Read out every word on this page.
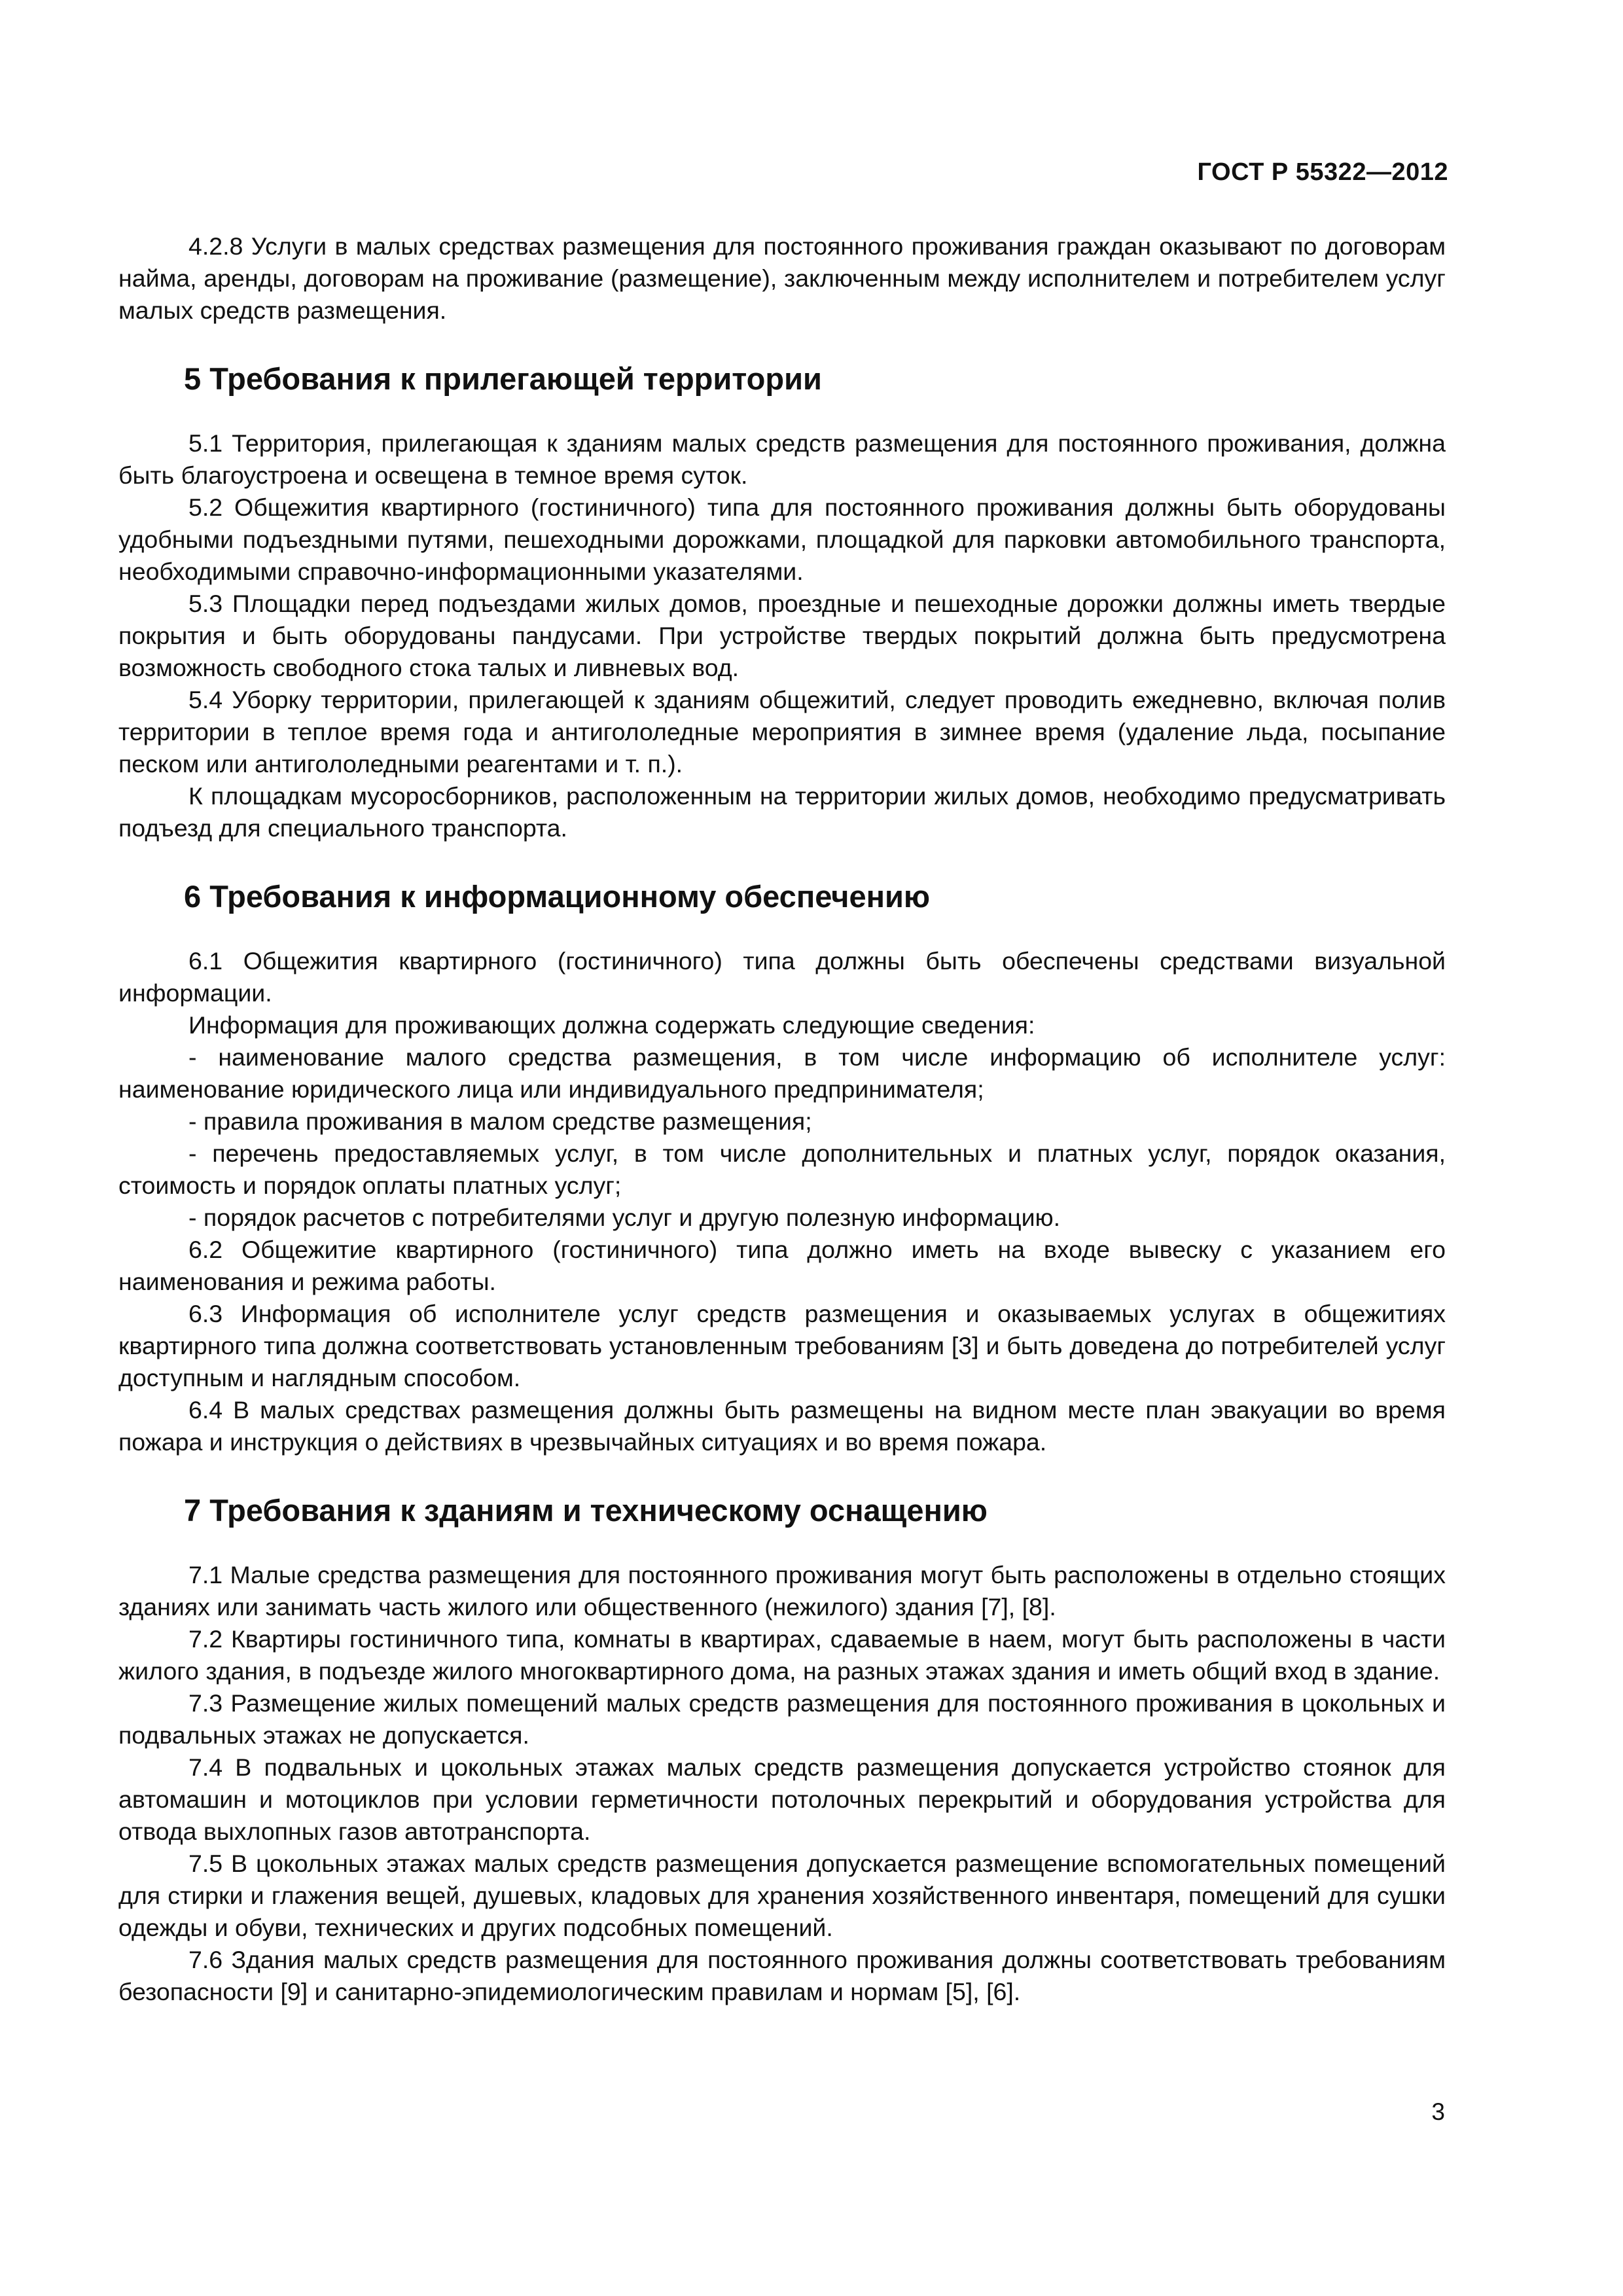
ГОСТ Р 55322—2012

4.2.8 Услуги в малых средствах размещения для постоянного проживания граждан оказывают по договорам найма, аренды, договорам на проживание (размещение), заключенным между исполнителем и потребителем услуг малых средств размещения.

5 Требования к прилегающей территории

5.1 Территория, прилегающая к зданиям малых средств размещения для постоянного проживания, должна быть благоустроена и освещена в темное время суток.

5.2 Общежития квартирного (гостиничного) типа для постоянного проживания должны быть оборудованы удобными подъездными путями, пешеходными дорожками, площадкой для парковки автомобильного транспорта, необходимыми справочно-информационными указателями.

5.3 Площадки перед подъездами жилых домов, проездные и пешеходные дорожки должны иметь твердые покрытия и быть оборудованы пандусами. При устройстве твердых покрытий должна быть предусмотрена возможность свободного стока талых и ливневых вод.

5.4 Уборку территории, прилегающей к зданиям общежитий, следует проводить ежедневно, включая полив территории в теплое время года и антигололедные мероприятия в зимнее время (удаление льда, посыпание песком или антигололедными реагентами и т. п.).

К площадкам мусоросборников, расположенным на территории жилых домов, необходимо предусматривать подъезд для специального транспорта.

6 Требования к информационному обеспечению

6.1 Общежития квартирного (гостиничного) типа должны быть обеспечены средствами визуальной информации.

Информация для проживающих должна содержать следующие сведения:

- наименование малого средства размещения, в том числе информацию об исполнителе услуг: наименование юридического лица или индивидуального предпринимателя;

- правила проживания в малом средстве размещения;

- перечень предоставляемых услуг, в том числе дополнительных и платных услуг, порядок оказания, стоимость и порядок оплаты платных услуг;

- порядок расчетов с потребителями услуг и другую полезную информацию.

6.2 Общежитие квартирного (гостиничного) типа должно иметь на входе вывеску с указанием его наименования и режима работы.

6.3 Информация об исполнителе услуг средств размещения и оказываемых услугах в общежитиях квартирного типа должна соответствовать установленным требованиям [3] и быть доведена до потребителей услуг доступным и наглядным способом.

6.4 В малых средствах размещения должны быть размещены на видном месте план эвакуации во время пожара и инструкция о действиях в чрезвычайных ситуациях и во время пожара.

7 Требования к зданиям и техническому оснащению

7.1 Малые средства размещения для постоянного проживания могут быть расположены в отдельно стоящих зданиях или занимать часть жилого или общественного (нежилого) здания [7], [8].

7.2 Квартиры гостиничного типа, комнаты в квартирах, сдаваемые в наем, могут быть расположены в части жилого здания, в подъезде жилого многоквартирного дома, на разных этажах здания и иметь общий вход в здание.

7.3 Размещение жилых помещений малых средств размещения для постоянного проживания в цокольных и подвальных этажах не допускается.

7.4 В подвальных и цокольных этажах малых средств размещения допускается устройство стоянок для автомашин и мотоциклов при условии герметичности потолочных перекрытий и оборудования устройства для отвода выхлопных газов автотранспорта.

7.5 В цокольных этажах малых средств размещения допускается размещение вспомогательных помещений для стирки и глажения вещей, душевых, кладовых для хранения хозяйственного инвентаря, помещений для сушки одежды и обуви, технических и других подсобных помещений.

7.6 Здания малых средств размещения для постоянного проживания должны соответствовать требованиям безопасности [9] и санитарно-эпидемиологическим правилам и нормам [5], [6].

3
